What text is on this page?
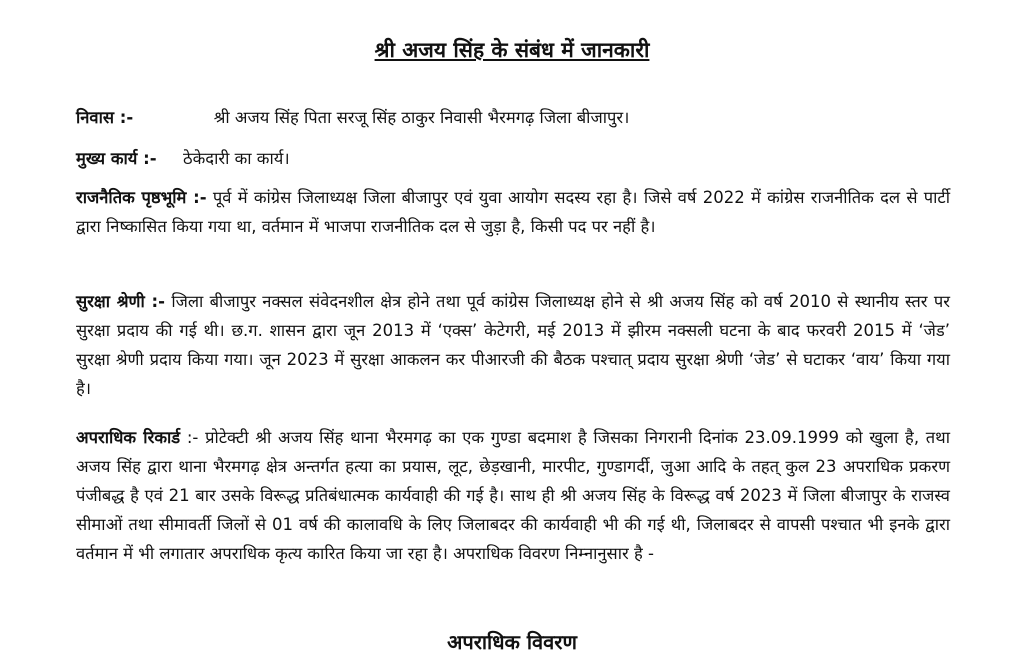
श्री अजय सिंह के संबंध में जानकारी
निवास :-	श्री अजय सिंह पिता सरजू सिंह ठाकुर निवासी भैरमगढ़ जिला बीजापुर।
मुख्य कार्य :- ठेकेदारी का कार्य।
राजनैतिक पृष्ठभूमि :- पूर्व में कांग्रेस जिलाध्यक्ष जिला बीजापुर एवं युवा आयोग सदस्य रहा है। जिसे वर्ष 2022 में कांग्रेस राजनीतिक दल से पार्टी द्वारा निष्कासित किया गया था, वर्तमान में भाजपा राजनीतिक दल से जुड़ा है, किसी पद पर नहीं है।
सुरक्षा श्रेणी :- जिला बीजापुर नक्सल संवेदनशील क्षेत्र होने तथा पूर्व कांग्रेस जिलाध्यक्ष होने से श्री अजय सिंह को वर्ष 2010 से स्थानीय स्तर पर सुरक्षा प्रदाय की गई थी। छ.ग. शासन द्वारा जून 2013 में ‘एक्स’ केटेगरी, मई 2013 में झीरम नक्सली घटना के बाद फरवरी 2015 में ‘जेड’ सुरक्षा श्रेणी प्रदाय किया गया। जून 2023 में सुरक्षा आकलन कर पीआरजी की बैठक पश्चात् प्रदाय सुरक्षा श्रेणी ‘जेड’ से घटाकर ‘वाय’ किया गया है।
अपराधिक रिकार्ड :- प्रोटेक्टी श्री अजय सिंह थाना भैरमगढ़ का एक गुण्डा बदमाश है जिसका निगरानी दिनांक 23.09.1999 को खुला है, तथा अजय सिंह द्वारा थाना भैरमगढ़ क्षेत्र अन्तर्गत हत्या का प्रयास, लूट, छेड़खानी, मारपीट, गुण्डागर्दी, जुआ आदि के तहत् कुल 23 अपराधिक प्रकरण पंजीबद्ध है एवं 21 बार उसके विरूद्ध प्रतिबंधात्मक कार्यवाही की गई है। साथ ही श्री अजय सिंह के विरूद्ध वर्ष 2023 में जिला बीजापुर के राजस्व सीमाओं तथा सीमावर्ती जिलों से 01 वर्ष की कालावधि के लिए जिलाबदर की कार्यवाही भी की गई थी, जिलाबदर से वापसी पश्चात भी इनके द्वारा वर्तमान में भी लगातार अपराधिक कृत्य कारित किया जा रहा है। अपराधिक विवरण निम्नानुसार है -
अपराधिक विवरण
